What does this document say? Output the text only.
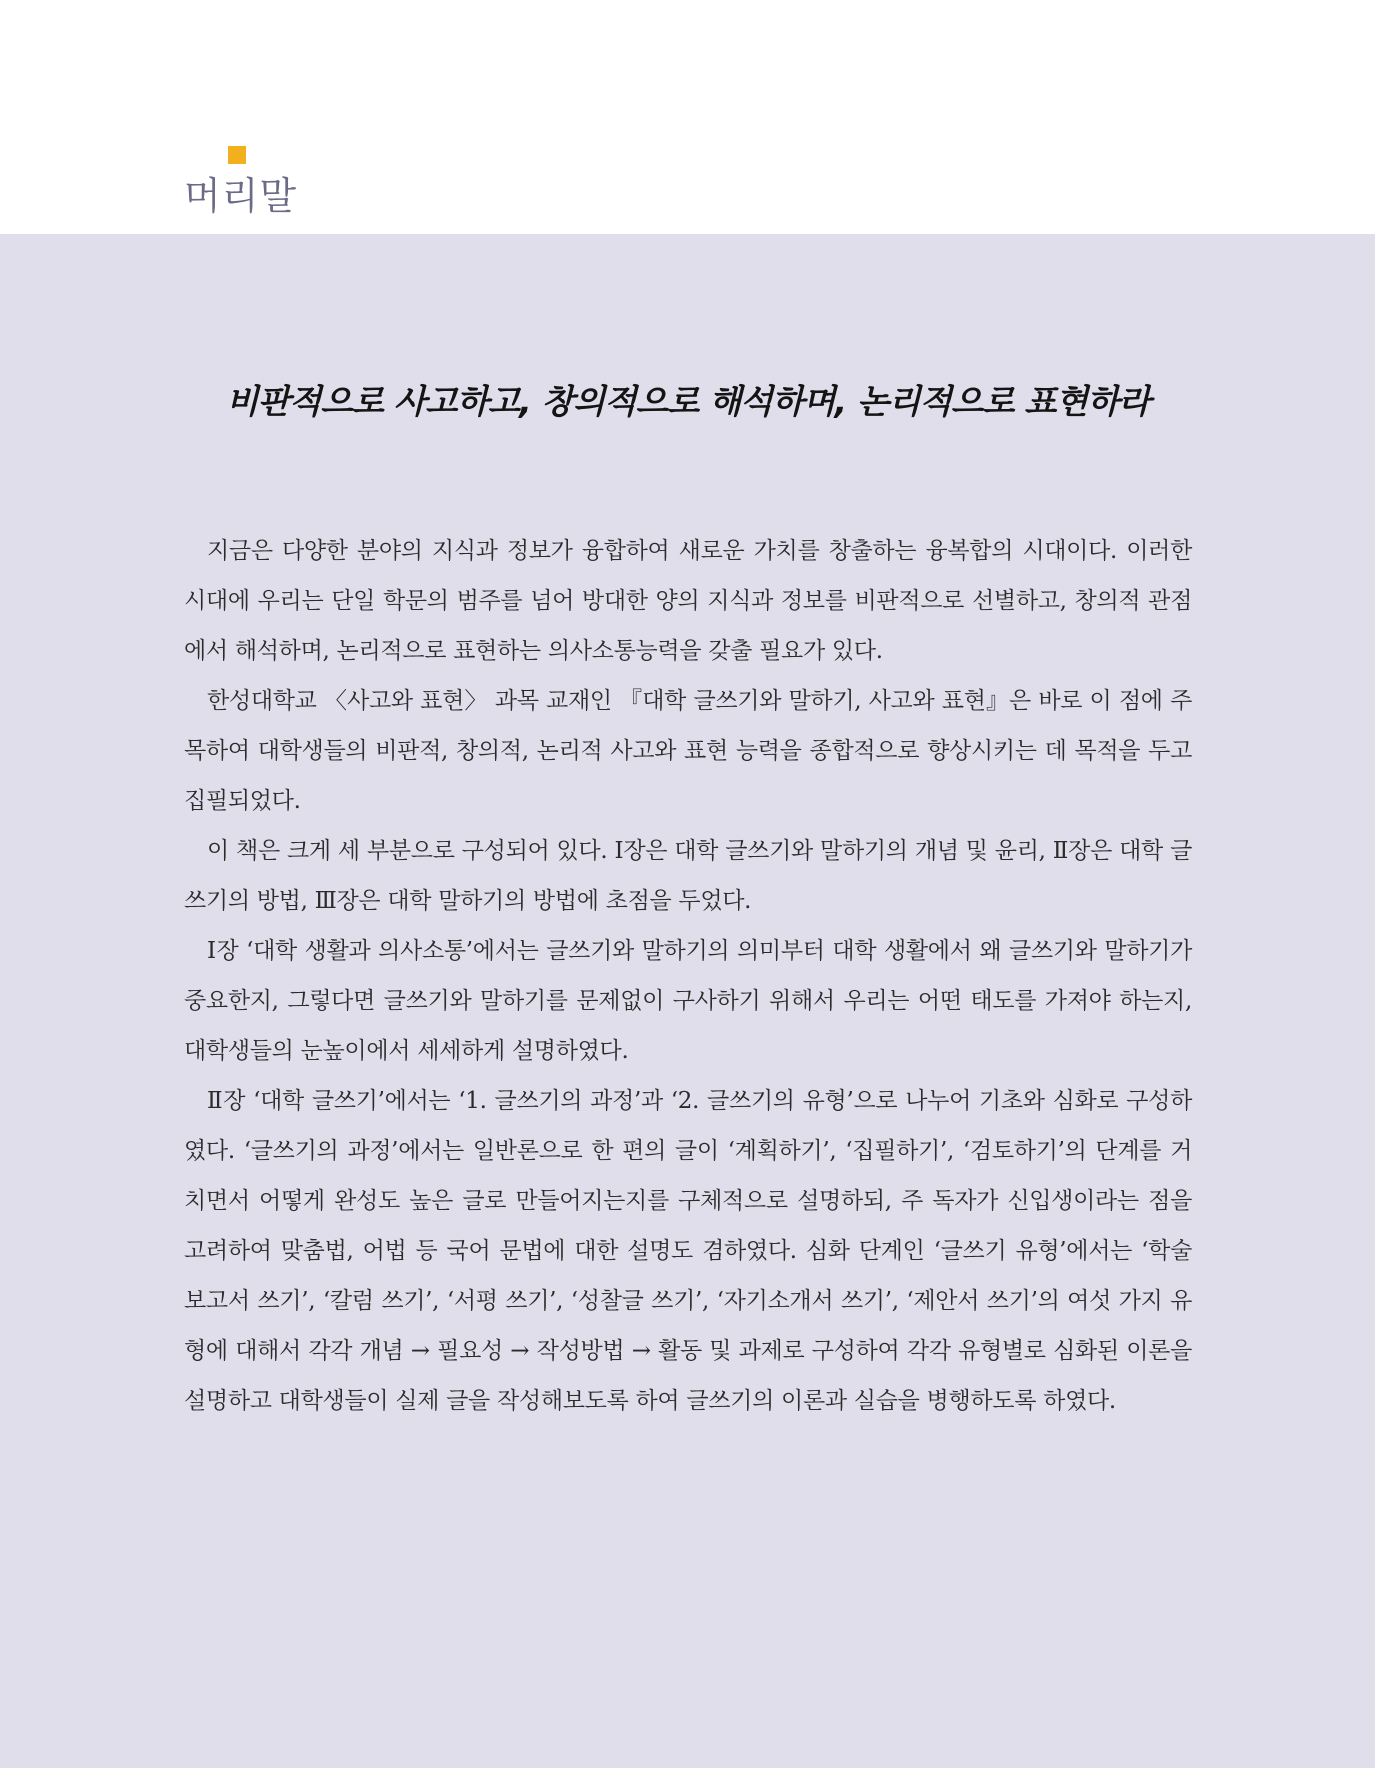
머리말
비판적으로 사고하고, 창의적으로 해석하며, 논리적으로 표현하라

지금은 다양한 분야의 지식과 정보가 융합하여 새로운 가치를 창출하는 융복합의 시대이다. 이러한 시대에 우리는 단일 학문의 범주를 넘어 방대한 양의 지식과 정보를 비판적으로 선별하고, 창의적 관점에서 해석하며, 논리적으로 표현하는 의사소통능력을 갖출 필요가 있다.

한성대학교 〈사고와 표현〉 과목 교재인 『대학 글쓰기와 말하기, 사고와 표현』은 바로 이 점에 주목하여 대학생들의 비판적, 창의적, 논리적 사고와 표현 능력을 종합적으로 향상시키는 데 목적을 두고 집필되었다.

이 책은 크게 세 부분으로 구성되어 있다. Ⅰ장은 대학 글쓰기와 말하기의 개념 및 윤리, Ⅱ장은 대학 글쓰기의 방법, Ⅲ장은 대학 말하기의 방법에 초점을 두었다.

Ⅰ장 ‘대학 생활과 의사소통’에서는 글쓰기와 말하기의 의미부터 대학 생활에서 왜 글쓰기와 말하기가 중요한지, 그렇다면 글쓰기와 말하기를 문제없이 구사하기 위해서 우리는 어떤 태도를 가져야 하는지, 대학생들의 눈높이에서 세세하게 설명하였다.

Ⅱ장 ‘대학 글쓰기’에서는 ‘1. 글쓰기의 과정’과 ‘2. 글쓰기의 유형’으로 나누어 기초와 심화로 구성하였다. ‘글쓰기의 과정’에서는 일반론으로 한 편의 글이 ‘계획하기’, ‘집필하기’, ‘검토하기’의 단계를 거치면서 어떻게 완성도 높은 글로 만들어지는지를 구체적으로 설명하되, 주 독자가 신입생이라는 점을 고려하여 맞춤법, 어법 등 국어 문법에 대한 설명도 겸하였다. 심화 단계인 ‘글쓰기 유형’에서는 ‘학술 보고서 쓰기’, ‘칼럼 쓰기’, ‘서평 쓰기’, ‘성찰글 쓰기’, ‘자기소개서 쓰기’, ‘제안서 쓰기’의 여섯 가지 유형에 대해서 각각 개념 → 필요성 → 작성방법 → 활동 및 과제로 구성하여 각각 유형별로 심화된 이론을 설명하고 대학생들이 실제 글을 작성해보도록 하여 글쓰기의 이론과 실습을 병행하도록 하였다.
